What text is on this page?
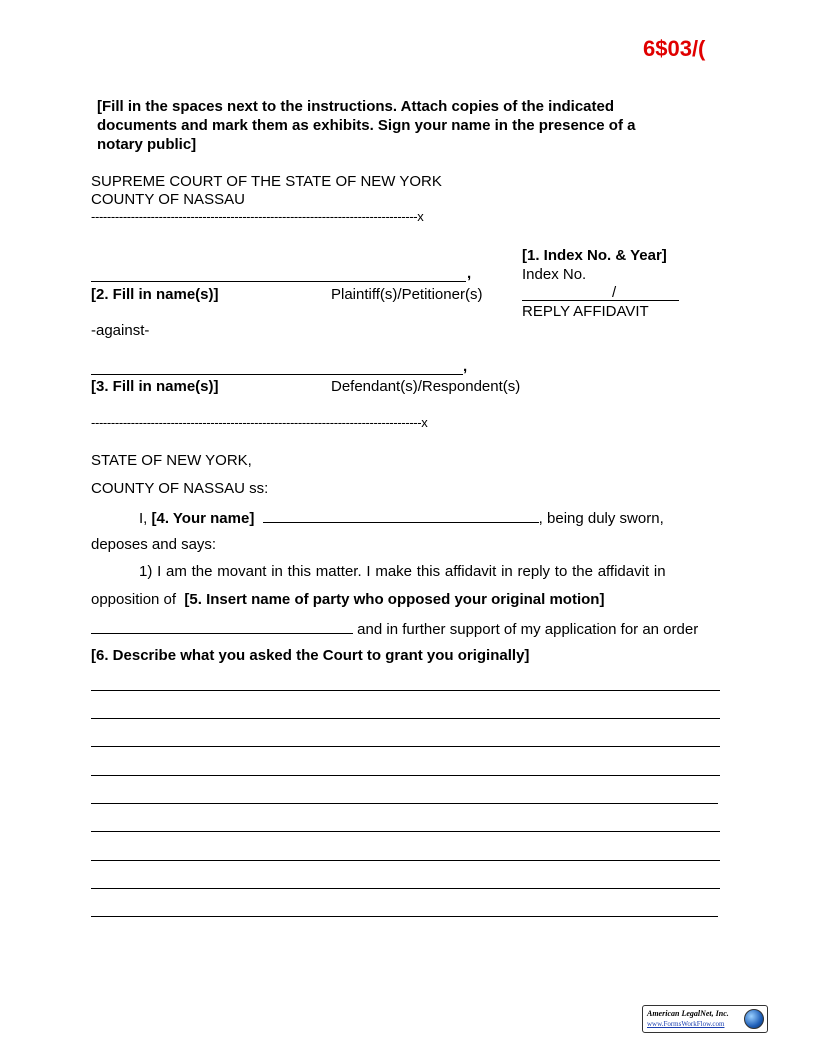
6$03/(
[Fill in the spaces next to the instructions. Attach copies of the indicated
documents and mark them as exhibits. Sign your name in the presence of a
notary public]
SUPREME COURT OF THE STATE OF NEW YORK
COUNTY OF NASSAU
----------------------------------------------------------------------------------x
[1. Index No. & Year]
Index No.
/
REPLY AFFIDAVIT
,
[2. Fill in name(s)]	Plaintiff(s)/Petitioner(s)
-against-
,
[3. Fill in name(s)]	Defendant(s)/Respondent(s)
-----------------------------------------------------------------------------------x
STATE OF NEW YORK,
COUNTY OF NASSAU ss:
I, [4. Your name]	, being duly sworn,
deposes and says:
1) I am the movant in this matter. I make this affidavit in reply to the affidavit in
opposition of  [5. Insert name of party who opposed your original motion]
and in further support of my application for an order
[6. Describe what you asked the Court to grant you originally]
American LegalNet, Inc.
www.FormsWorkFlow.com
